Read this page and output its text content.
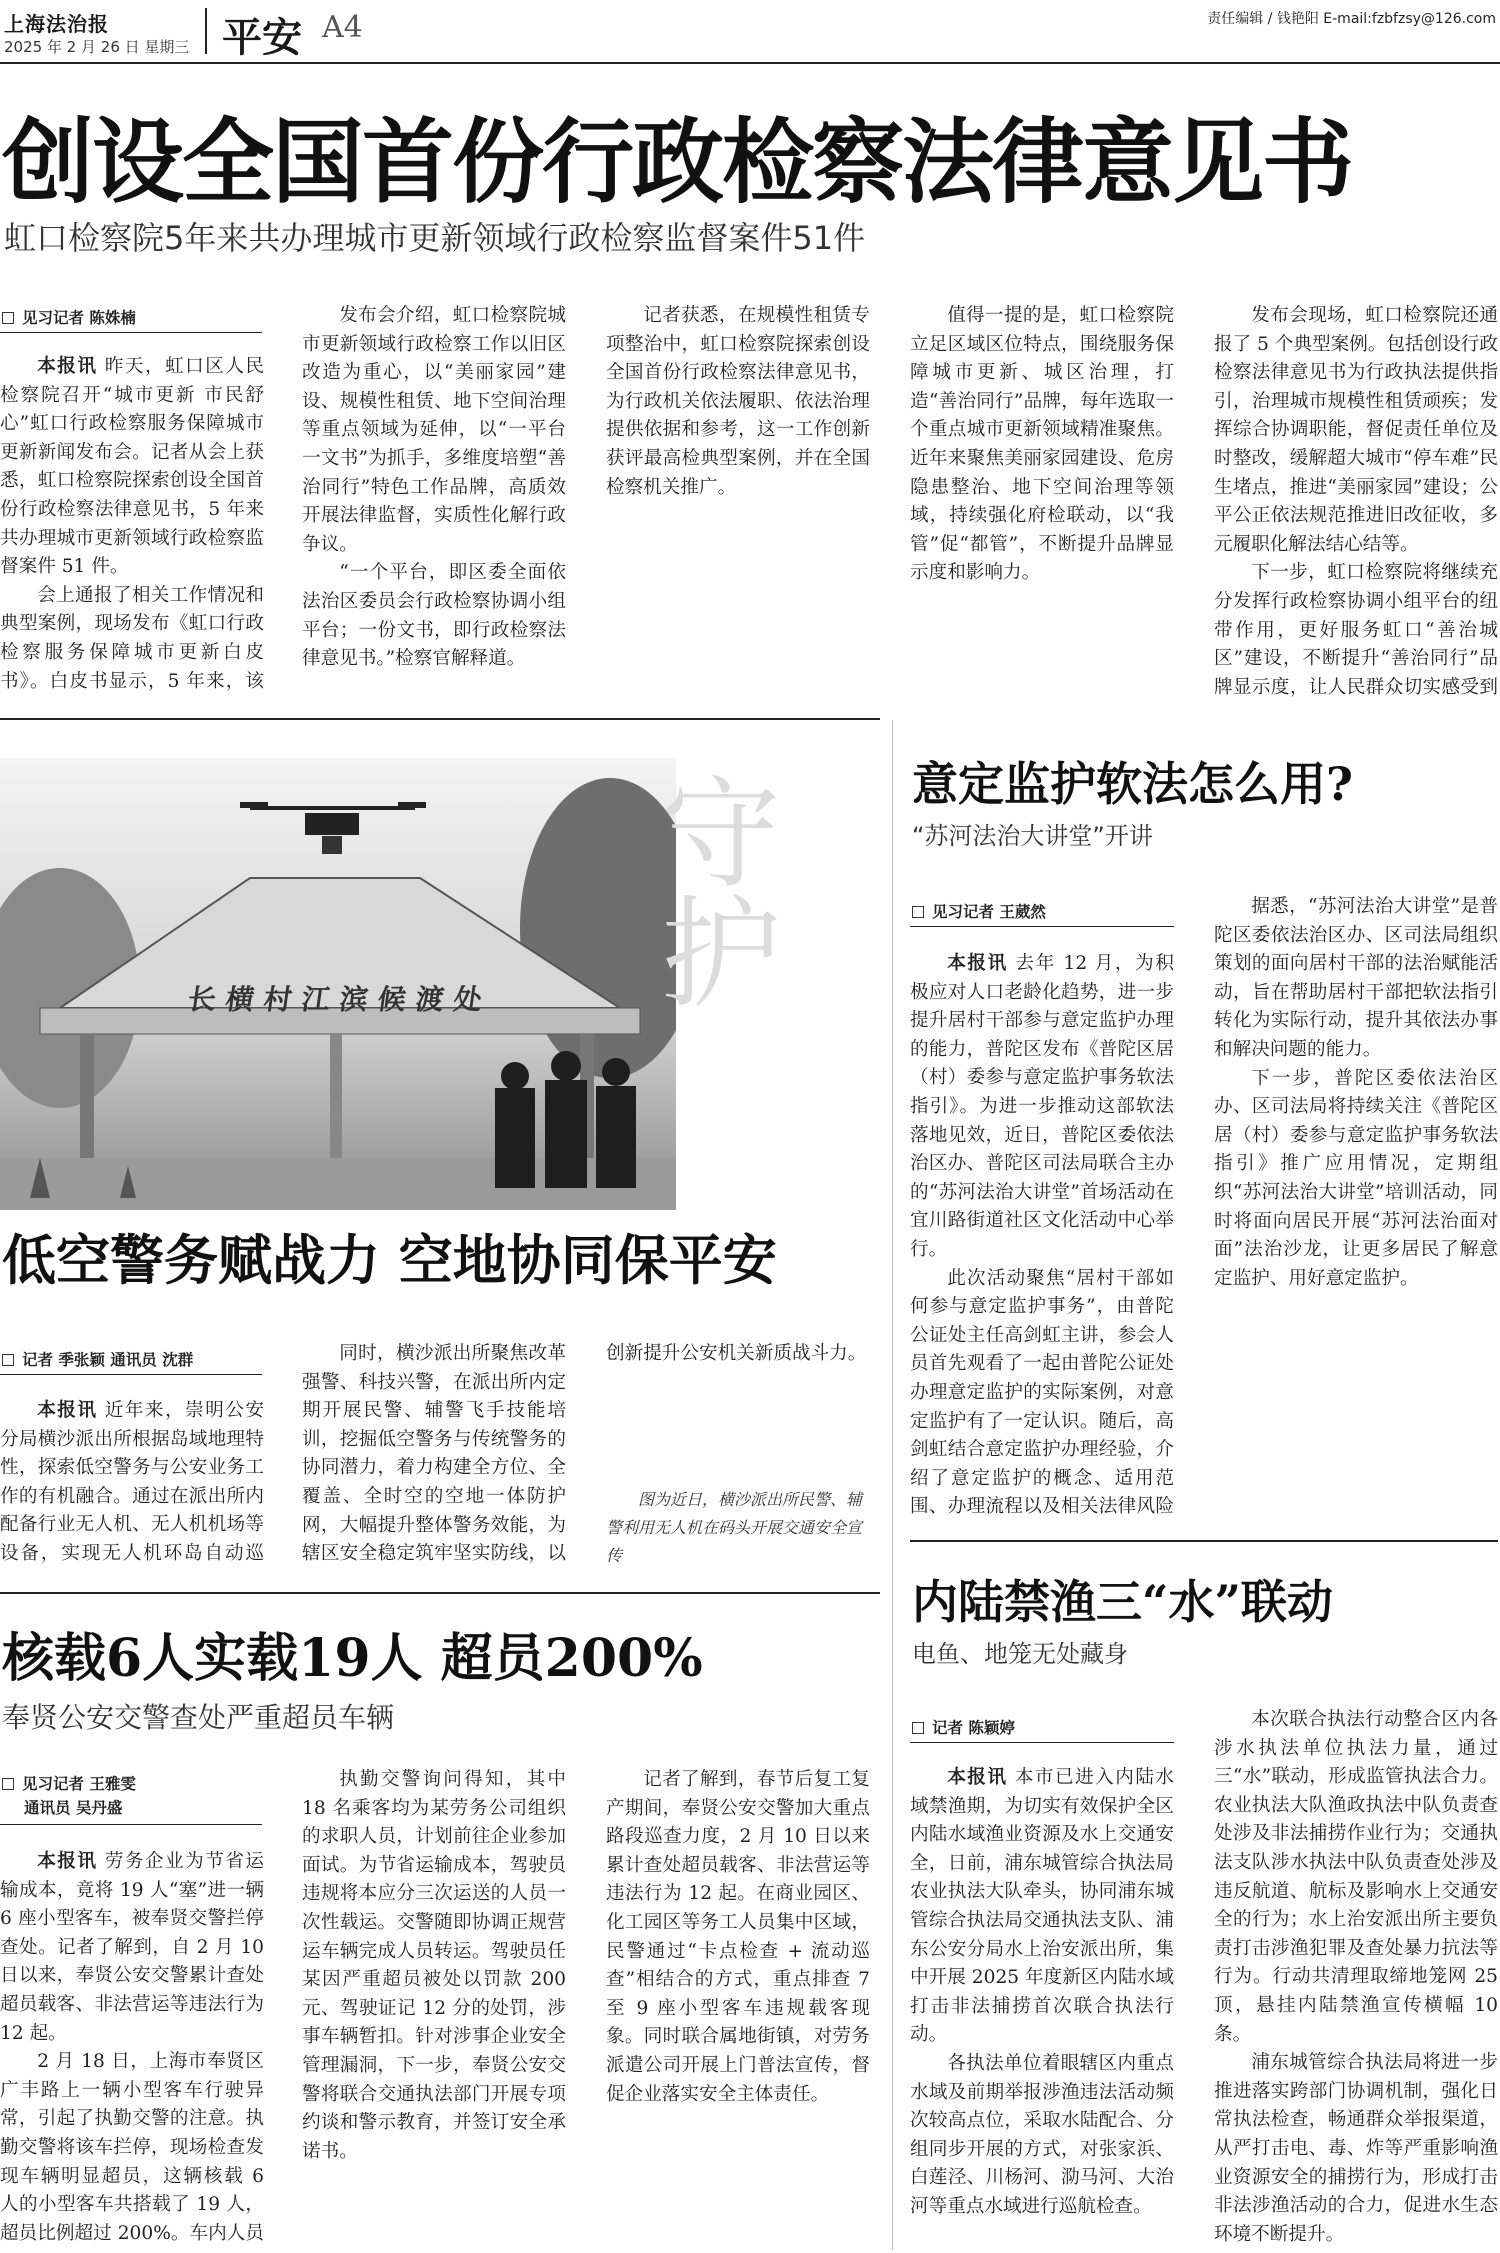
上海法治报
2025 年 2 月 26 日 星期三 平安 A4	责任编辑 / 钱艳阳 E-mail:fzbfzsy@126.com
创设全国首份行政检察法律意见书
虹口检察院5年来共办理城市更新领域行政检察监督案件51件
见习记者 陈姝楠

本报讯 昨天，虹口区人民检察院召开“城市更新 市民舒心”虹口行政检察服务保障城市更新新闻发布会。记者从会上获悉，虹口检察院探索创设全国首份行政检察法律意见书，5 年来共办理城市更新领域行政检察监督案件 51 件。

会上通报了相关工作情况和典型案例，现场发布《虹口行政检察服务保障城市更新白皮书》。白皮书显示，5 年来，该

发布会介绍，虹口检察院城市更新领域行政检察工作以旧区改造为重心，以“美丽家园”建设、规模性租赁、地下空间治理等重点领域为延伸，以“一平台一文书”为抓手，多维度培塑“善治同行”特色工作品牌，高质效开展法律监督，实质性化解行政争议。

“一个平台，即区委全面依法治区委员会行政检察协调小组平台；一份文书，即行政检察法律意见书。”检察官解释道。

记者获悉，在规模性租赁专项整治中，虹口检察院探索创设全国首份行政检察法律意见书，为行政机关依法履职、依法治理提供依据和参考，这一工作创新获评最高检典型案例，并在全国检察机关推广。

值得一提的是，虹口检察院立足区域区位特点，围绕服务保障城市更新、城区治理，打造“善治同行”品牌，每年选取一个重点城市更新领域精准聚焦。近年来聚焦美丽家园建设、危房隐患整治、地下空间治理等领域，持续强化府检联动，以“我管”促“都管”，不断提升品牌显示度和影响力。

发布会现场，虹口检察院还通报了 5 个典型案例。包括创设行政检察法律意见书为行政执法提供指引，治理城市规模性租赁顽疾；发挥综合协调职能，督促责任单位及时整改，缓解超大城市“停车难”民生堵点，推进“美丽家园”建设；公平公正依法规范推进旧改征收，多元履职化解法结心结等。

下一步，虹口检察院将继续充分发挥行政检察协调小组平台的纽带作用，更好服务虹口“善治城区”建设，不断提升“善治同行”品牌显示度，让人民群众切实感受到

长横村江滨候渡处	守护
低空警务赋战力 空地协同保平安
记者 季张颖 通讯员 沈群

本报讯 近年来，崇明公安分局横沙派出所根据岛域地理特性，探索低空警务与公安业务工作的有机融合。通过在派出所内配备行业无人机、无人机机场等设备，实现无人机环岛自动巡

同时，横沙派出所聚焦改革强警、科技兴警，在派出所内定期开展民警、辅警飞手技能培训，挖掘低空警务与传统警务的协同潜力，着力构建全方位、全覆盖、全时空的空地一体防护网，大幅提升整体警务效能，为辖区安全稳定筑牢坚实防线，以

创新提升公安机关新质战斗力。

图为近日，横沙派出所民警、辅警利用无人机在码头开展交通安全宣传
核载6人实载19人 超员200%
奉贤公安交警查处严重超员车辆
见习记者 王雅雯
通讯员 吴丹盛

本报讯 劳务企业为节省运输成本，竟将 19 人“塞”进一辆 6 座小型客车，被奉贤交警拦停查处。记者了解到，自 2 月 10 日以来，奉贤公安交警累计查处超员载客、非法营运等违法行为 12 起。

2 月 18 日，上海市奉贤区广丰路上一辆小型客车行驶异常，引起了执勤交警的注意。执勤交警将该车拦停，现场检查发现车辆明显超员，这辆核载 6 人的小型客车共搭载了 19 人，超员比例超过 200%。车内人员

执勤交警询问得知，其中 18 名乘客均为某劳务公司组织的求职人员，计划前往企业参加面试。为节省运输成本，驾驶员违规将本应分三次运送的人员一次性载运。交警随即协调正规营运车辆完成人员转运。驾驶员任某因严重超员被处以罚款 200 元、驾驶证记 12 分的处罚，涉事车辆暂扣。针对涉事企业安全管理漏洞，下一步，奉贤公安交警将联合交通执法部门开展专项约谈和警示教育，并签订安全承诺书。

记者了解到，春节后复工复产期间，奉贤公安交警加大重点路段巡查力度，2 月 10 日以来累计查处超员载客、非法营运等违法行为 12 起。在商业园区、化工园区等务工人员集中区域，民警通过“卡点检查 + 流动巡查”相结合的方式，重点排查 7 至 9 座小型客车违规载客现象。同时联合属地街镇，对劳务派遣公司开展上门普法宣传，督促企业落实安全主体责任。

意定监护软法怎么用?
“苏河法治大讲堂”开讲
见习记者 王葳然

本报讯 去年 12 月，为积极应对人口老龄化趋势，进一步提升居村干部参与意定监护办理的能力，普陀区发布《普陀区居（村）委参与意定监护事务软法指引》。为进一步推动这部软法落地见效，近日，普陀区委依法治区办、普陀区司法局联合主办的“苏河法治大讲堂”首场活动在宜川路街道社区文化活动中心举行。

此次活动聚焦“居村干部如何参与意定监护事务”，由普陀公证处主任高剑虹主讲，参会人员首先观看了一起由普陀公证处办理意定监护的实际案例，对意定监护有了一定认识。随后，高剑虹结合意定监护办理经验，介绍了意定监护的概念、适用范围、办理流程以及相关法律风险

据悉，“苏河法治大讲堂”是普陀区委依法治区办、区司法局组织策划的面向居村干部的法治赋能活动，旨在帮助居村干部把软法指引转化为实际行动，提升其依法办事和解决问题的能力。

下一步，普陀区委依法治区办、区司法局将持续关注《普陀区居（村）委参与意定监护事务软法指引》推广应用情况，定期组织“苏河法治大讲堂”培训活动，同时将面向居民开展“苏河法治面对面”法治沙龙，让更多居民了解意定监护、用好意定监护。

内陆禁渔三“水”联动
电鱼、地笼无处藏身
记者 陈颖婷

本报讯 本市已进入内陆水域禁渔期，为切实有效保护全区内陆水域渔业资源及水上交通安全，日前，浦东城管综合执法局农业执法大队牵头，协同浦东城管综合执法局交通执法支队、浦东公安分局水上治安派出所，集中开展 2025 年度新区内陆水域打击非法捕捞首次联合执法行动。

各执法单位着眼辖区内重点水域及前期举报涉渔违法活动频次较高点位，采取水陆配合、分组同步开展的方式，对张家浜、白莲泾、川杨河、泐马河、大治河等重点水域进行巡航检查。

本次联合执法行动整合区内各涉水执法单位执法力量，通过三“水”联动，形成监管执法合力。农业执法大队渔政执法中队负责查处涉及非法捕捞作业行为；交通执法支队涉水执法中队负责查处涉及违反航道、航标及影响水上交通安全的行为；水上治安派出所主要负责打击涉渔犯罪及查处暴力抗法等行为。行动共清理取缔地笼网 25 顶，悬挂内陆禁渔宣传横幅 10 条。

浦东城管综合执法局将进一步推进落实跨部门协调机制，强化日常执法检查，畅通群众举报渠道，从严打击电、毒、炸等严重影响渔业资源安全的捕捞行为，形成打击非法涉渔活动的合力，促进水生态环境不断提升。
